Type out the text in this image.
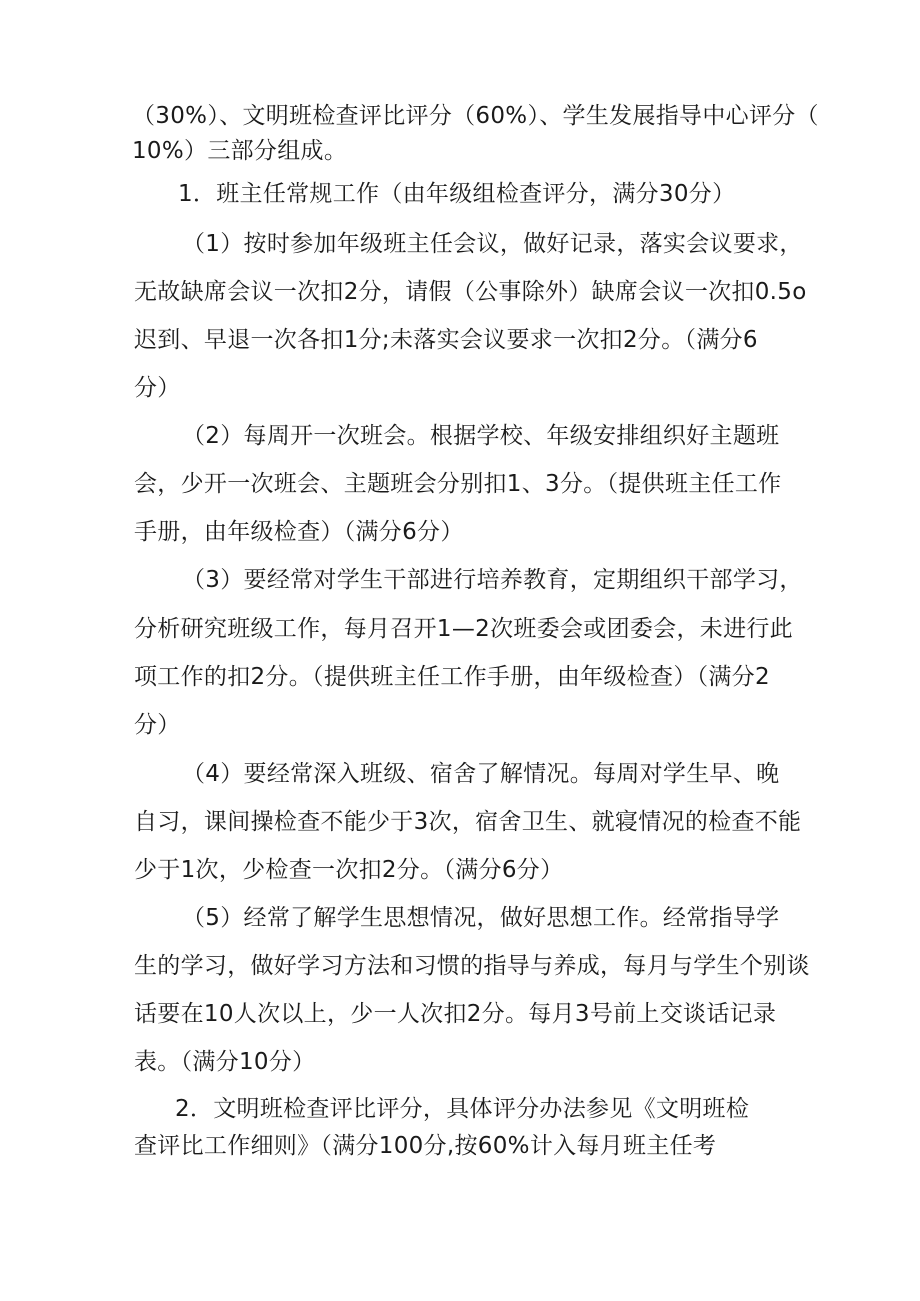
（30%）、文明班检查评比评分（60%）、学生发展指导中心评分（
10%）三部分组成。
1．班主任常规工作（由年级组检查评分，满分30分）
（1）按时参加年级班主任会议，做好记录，落实会议要求，
无故缺席会议一次扣2分，请假（公事除外）缺席会议一次扣0.5o
迟到、早退一次各扣1分;未落实会议要求一次扣2分。（满分6
分）
（2）每周开一次班会。根据学校、年级安排组织好主题班
会，少开一次班会、主题班会分别扣1、3分。（提供班主任工作
手册，由年级检查）（满分6分）
（3）要经常对学生干部进行培养教育，定期组织干部学习，
分析研究班级工作，每月召开1—2次班委会或团委会，未进行此
项工作的扣2分。（提供班主任工作手册，由年级检查）（满分2
分）
（4）要经常深入班级、宿舍了解情况。每周对学生早、晚
自习，课间操检查不能少于3次，宿舍卫生、就寝情况的检查不能
少于1次，少检查一次扣2分。（满分6分）
（5）经常了解学生思想情况，做好思想工作。经常指导学
生的学习，做好学习方法和习惯的指导与养成，每月与学生个别谈
话要在10人次以上，少一人次扣2分。每月3号前上交谈话记录
表。（满分10分）
2．文明班检查评比评分，具体评分办法参见《文明班检
查评比工作细则》（满分100分,按60%计入每月班主任考
